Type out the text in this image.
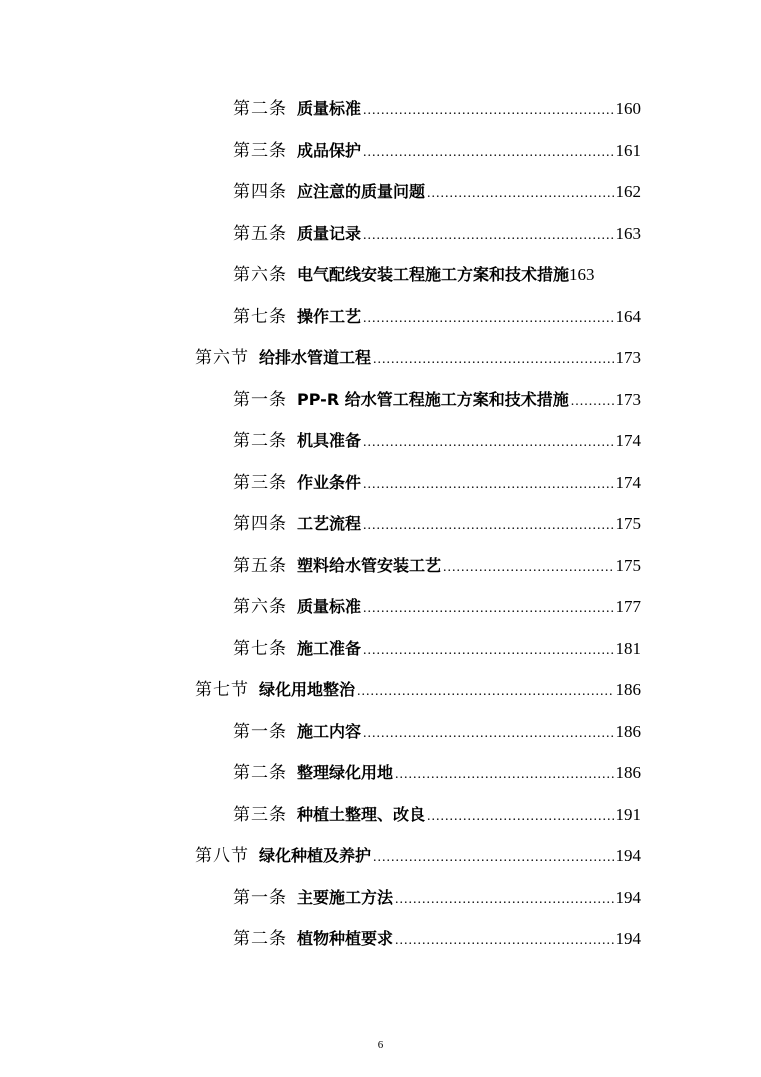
第二条 质量标准 .....	160
第三条 成品保护 .....	161
第四条 应注意的质量问题 .....	162
第五条 质量记录 .....	163
第六条 电气配线安装工程施工方案和技术措施 163
第七条 操作工艺 .....	164
第六节 给排水管道工程 .....	173
第一条 PP-R 给水管工程施工方案和技术措施 .....	173
第二条 机具准备 .....	174
第三条 作业条件 .....	174
第四条 工艺流程 .....	175
第五条 塑料给水管安装工艺 .....	175
第六条 质量标准 .....	177
第七条 施工准备 .....	181
第七节 绿化用地整治 .....	186
第一条 施工内容 .....	186
第二条 整理绿化用地 .....	186
第三条 种植土整理、改良 .....	191
第八节 绿化种植及养护 .....	194
第一条 主要施工方法 .....	194
第二条 植物种植要求 .....	194
6
